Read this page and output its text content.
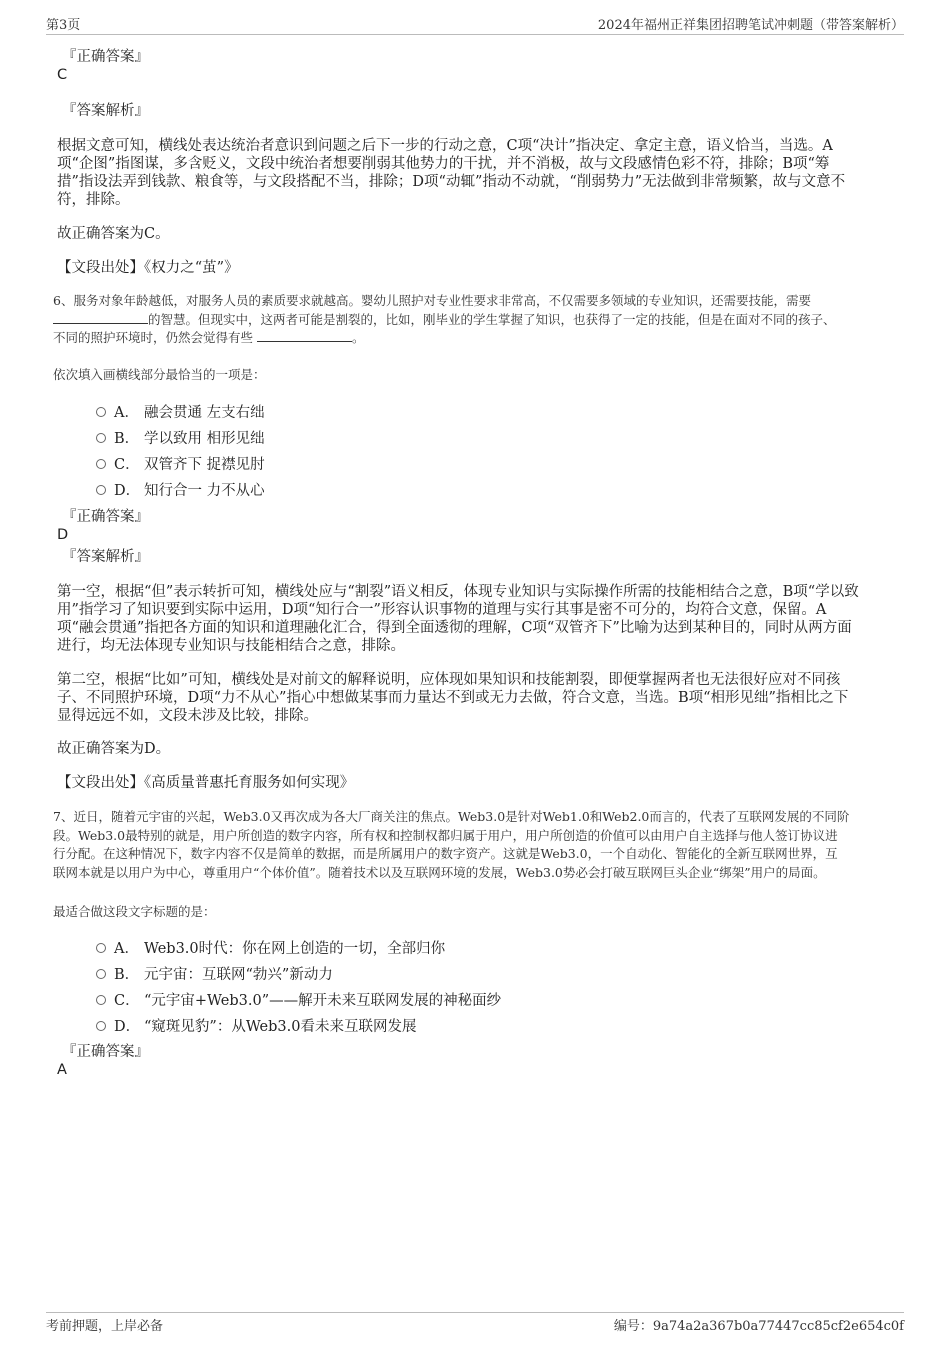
第3页	2024年福州正祥集团招聘笔试冲刺题（带答案解析）
『正确答案』
C
『答案解析』
根据文意可知，横线处表达统治者意识到问题之后下一步的行动之意，C项“决计”指决定、拿定主意，语义恰当，当选。A
项“企图”指图谋，多含贬义，文段中统治者想要削弱其他势力的干扰，并不消极，故与文段感情色彩不符，排除；B项“筹
措”指设法弄到钱款、粮食等，与文段搭配不当，排除；D项“动辄”指动不动就，“削弱势力”无法做到非常频繁，故与文意不
符，排除。
故正确答案为C。
【文段出处】《权力之“茧”》
6、服务对象年龄越低，对服务人员的素质要求就越高。婴幼儿照护对专业性要求非常高，不仅需要多领域的专业知识，还需要技能，需要
的智慧。但现实中，这两者可能是割裂的，比如，刚毕业的学生掌握了知识，也获得了一定的技能，但是在面对不同的孩子、
不同的照护环境时，仍然会觉得有些	。
依次填入画横线部分最恰当的一项是：
A． 融会贯通 左支右绌
B． 学以致用 相形见绌
C． 双管齐下 捉襟见肘
D． 知行合一 力不从心
『正确答案』
D
『答案解析』
第一空，根据“但”表示转折可知，横线处应与“割裂”语义相反，体现专业知识与实际操作所需的技能相结合之意，B项“学以致
用”指学习了知识要到实际中运用，D项“知行合一”形容认识事物的道理与实行其事是密不可分的，均符合文意，保留。A
项“融会贯通”指把各方面的知识和道理融化汇合，得到全面透彻的理解，C项“双管齐下”比喻为达到某种目的，同时从两方面
进行，均无法体现专业知识与技能相结合之意，排除。
第二空，根据“比如”可知，横线处是对前文的解释说明，应体现如果知识和技能割裂，即便掌握两者也无法很好应对不同孩
子、不同照护环境，D项“力不从心”指心中想做某事而力量达不到或无力去做，符合文意，当选。B项“相形见绌”指相比之下
显得远远不如，文段未涉及比较，排除。
故正确答案为D。
【文段出处】《高质量普惠托育服务如何实现》
7、近日，随着元宇宙的兴起，Web3.0又再次成为各大厂商关注的焦点。Web3.0是针对Web1.0和Web2.0而言的，代表了互联网发展的不同阶
段。Web3.0最特别的就是，用户所创造的数字内容，所有权和控制权都归属于用户，用户所创造的价值可以由用户自主选择与他人签订协议进
行分配。在这种情况下，数字内容不仅是简单的数据，而是所属用户的数字资产。这就是Web3.0，一个自动化、智能化的全新互联网世界，互
联网本就是以用户为中心，尊重用户“个体价值”。随着技术以及互联网环境的发展，Web3.0势必会打破互联网巨头企业“绑架”用户的局面。
最适合做这段文字标题的是：
A． Web3.0时代：你在网上创造的一切，全部归你
B． 元宇宙：互联网“勃兴”新动力
C． “元宇宙+Web3.0”——解开未来互联网发展的神秘面纱
D． “窥斑见豹”：从Web3.0看未来互联网发展
『正确答案』
A
考前押题，上岸必备	编号：9a74a2a367b0a77447cc85cf2e654c0f
